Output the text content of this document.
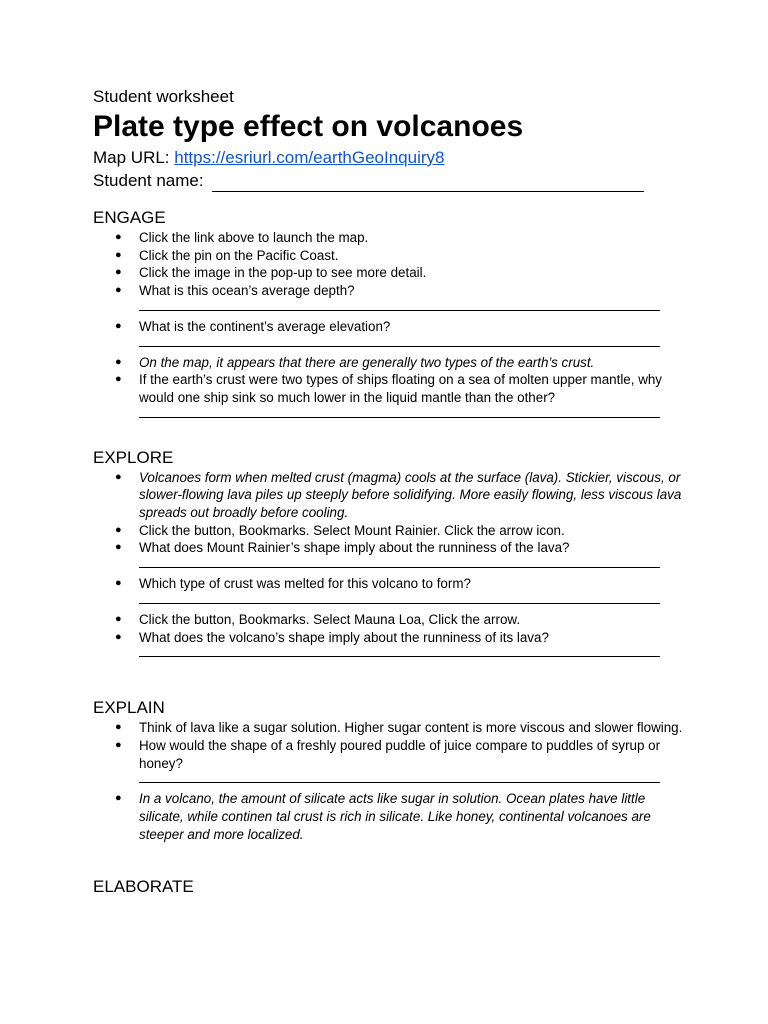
Student worksheet
Plate type effect on volcanoes
Map URL: https://esriurl.com/earthGeoInquiry8
Student name:
ENGAGE
● Click the link above to launch the map.
● Click the pin on the Pacific Coast.
● Click the image in the pop-up to see more detail.
● What is this ocean’s average depth?
● What is the continent’s average elevation?
● On the map, it appears that there are generally two types of the earth’s crust.
● If the earth’s crust were two types of ships floating on a sea of molten upper mantle, why would one ship sink so much lower in the liquid mantle than the other?
EXPLORE
● Volcanoes form when melted crust (magma) cools at the surface (lava). Stickier, viscous, or slower-flowing lava piles up steeply before solidifying. More easily flowing, less viscous lava spreads out broadly before cooling.
● Click the button, Bookmarks. Select Mount Rainier. Click the arrow icon.
● What does Mount Rainier’s shape imply about the runniness of the lava?
● Which type of crust was melted for this volcano to form?
● Click the button, Bookmarks. Select Mauna Loa, Click the arrow.
● What does the volcano’s shape imply about the runniness of its lava?
EXPLAIN
● Think of lava like a sugar solution. Higher sugar content is more viscous and slower flowing.
● How would the shape of a freshly poured puddle of juice compare to puddles of syrup or honey?
● In a volcano, the amount of silicate acts like sugar in solution. Ocean plates have little silicate, while continen tal crust is rich in silicate. Like honey, continental volcanoes are steeper and more localized.
ELABORATE
